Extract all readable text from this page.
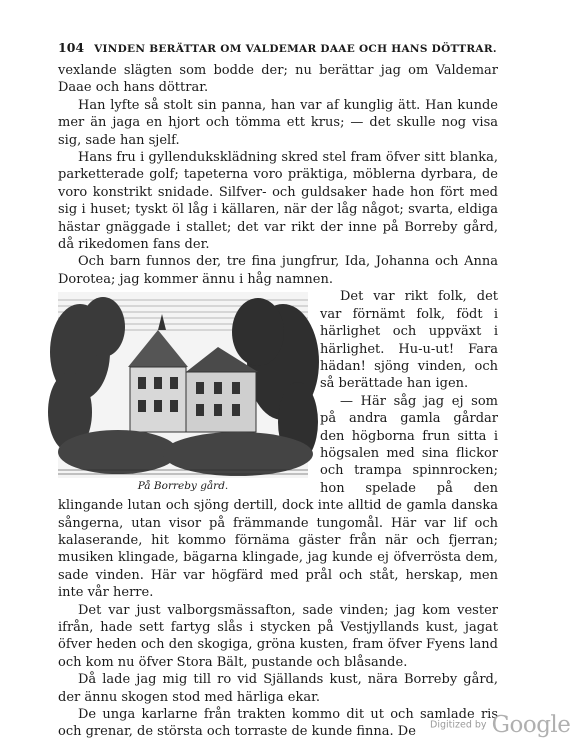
104 VINDEN BERÄTTAR OM VALDEMAR DAAE OCH HANS DÖTTRAR.

vexlande slägten som bodde der; nu berättar jag om Valdemar Daae och hans döttrar.

Han lyfte så stolt sin panna, han var af kunglig ätt. Han kunde mer än jaga en hjort och tömma ett krus; — det skulle nog visa sig, sade han sjelf.

Hans fru i gyllenduksklädning skred stel fram öfver sitt blanka, parketterade golf; tapeterna voro präktiga, möblerna dyrbara, de voro konstrikt snidade. Silfver- och guldsaker hade hon fört med sig i huset; tyskt öl låg i källaren, när der låg något; svarta, eldiga hästar gnäggade i stallet; det var rikt der inne på Borreby gård, då rikedomen fans der.

Och barn funnos der, tre fina jungfrur, Ida, Johanna och Anna Dorotea; jag kommer ännu i håg namnen.

På Borreby gård.

Det var rikt folk, det var förnämt folk, födt i härlighet och uppväxt i härlighet. Hu-u-ut! Fara hädan! sjöng vinden, och så berättade han igen.

— Här såg jag ej som på andra gamla gårdar den högborna frun sitta i högsalen med sina flickor och trampa spinnrocken; hon spelade på den klingande lutan och sjöng dertill, dock inte alltid de gamla danska sångerna, utan visor på främmande tungomål. Här var lif och kalaserande, hit kommo förnäma gäster från när och fjerran; musiken klingade, bägarna klingade, jag kunde ej öfverrösta dem, sade vinden. Här var högfärd med prål och ståt, herskap, men inte vår herre.

Det var just valborgsmässafton, sade vinden; jag kom vester ifrån, hade sett fartyg slås i stycken på Vestjyllands kust, jagat öfver heden och den skogiga, gröna kusten, fram öfver Fyens land och kom nu öfver Stora Bält, pustande och blåsande.

Då lade jag mig till ro vid Själlands kust, nära Borreby gård, der ännu skogen stod med härliga ekar.

De unga karlarne från trakten kommo dit ut och samlade ris och grenar, de största och torraste de kunde finna. De	Digitized by Google
